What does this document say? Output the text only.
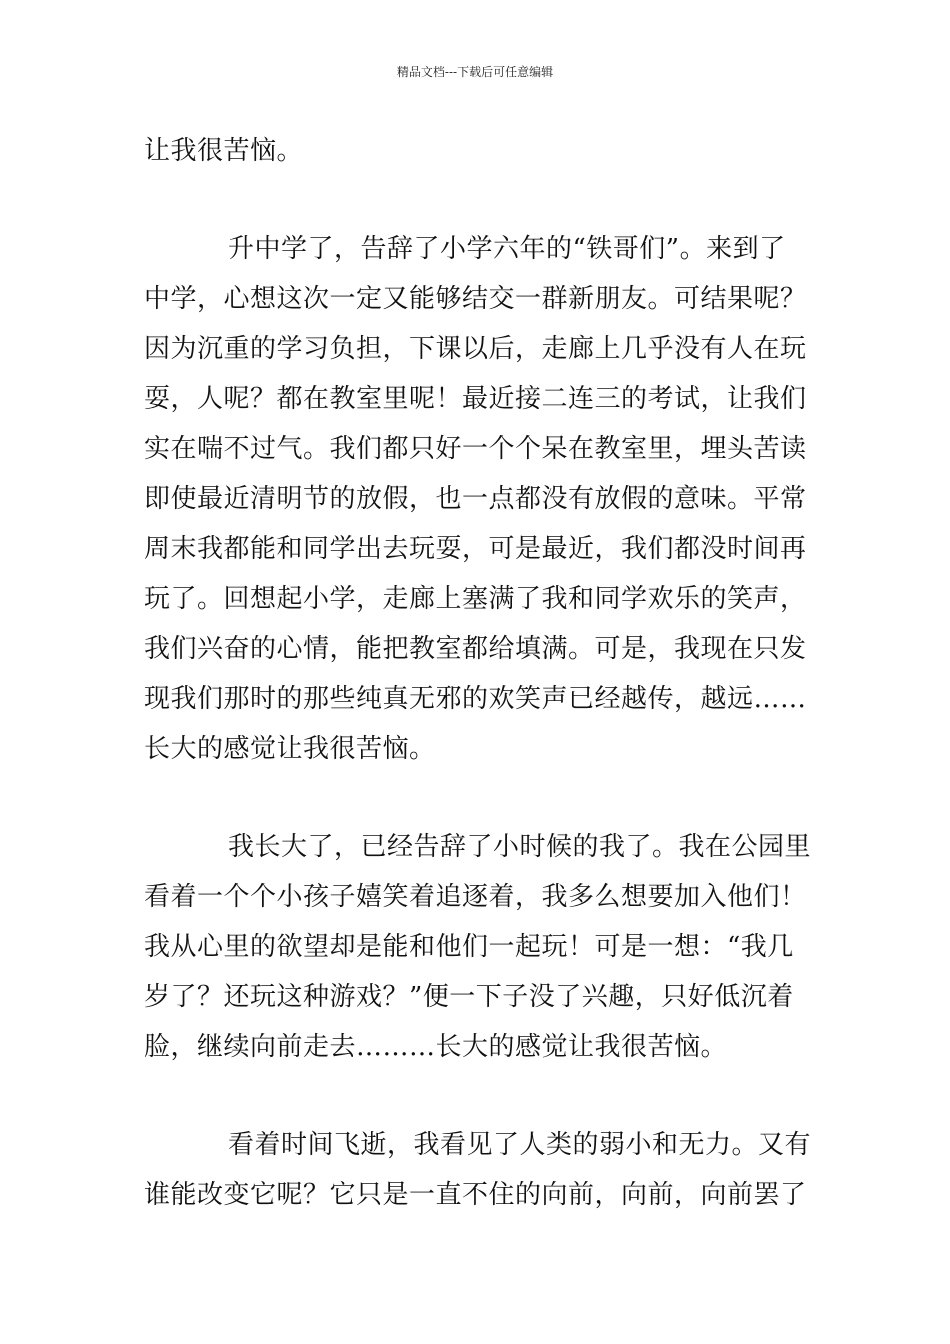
精品文档---下载后可任意编辑
让我很苦恼。
升中学了，告辞了小学六年的“铁哥们”。来到了
中学，心想这次一定又能够结交一群新朋友。可结果呢？
因为沉重的学习负担，下课以后，走廊上几乎没有人在玩
耍，人呢？都在教室里呢！最近接二连三的考试，让我们
实在喘不过气。我们都只好一个个呆在教室里，埋头苦读
即使最近清明节的放假，也一点都没有放假的意味。平常
周末我都能和同学出去玩耍，可是最近，我们都没时间再
玩了。回想起小学，走廊上塞满了我和同学欢乐的笑声，
我们兴奋的心情，能把教室都给填满。可是，我现在只发
现我们那时的那些纯真无邪的欢笑声已经越传，越远……
长大的感觉让我很苦恼。
我长大了，已经告辞了小时候的我了。我在公园里
看着一个个小孩子嬉笑着追逐着，我多么想要加入他们！
我从心里的欲望却是能和他们一起玩！可是一想：“我几
岁了？还玩这种游戏？”便一下子没了兴趣，只好低沉着
脸，继续向前走去………长大的感觉让我很苦恼。
看着时间飞逝，我看见了人类的弱小和无力。又有
谁能改变它呢？它只是一直不住的向前，向前，向前罢了
